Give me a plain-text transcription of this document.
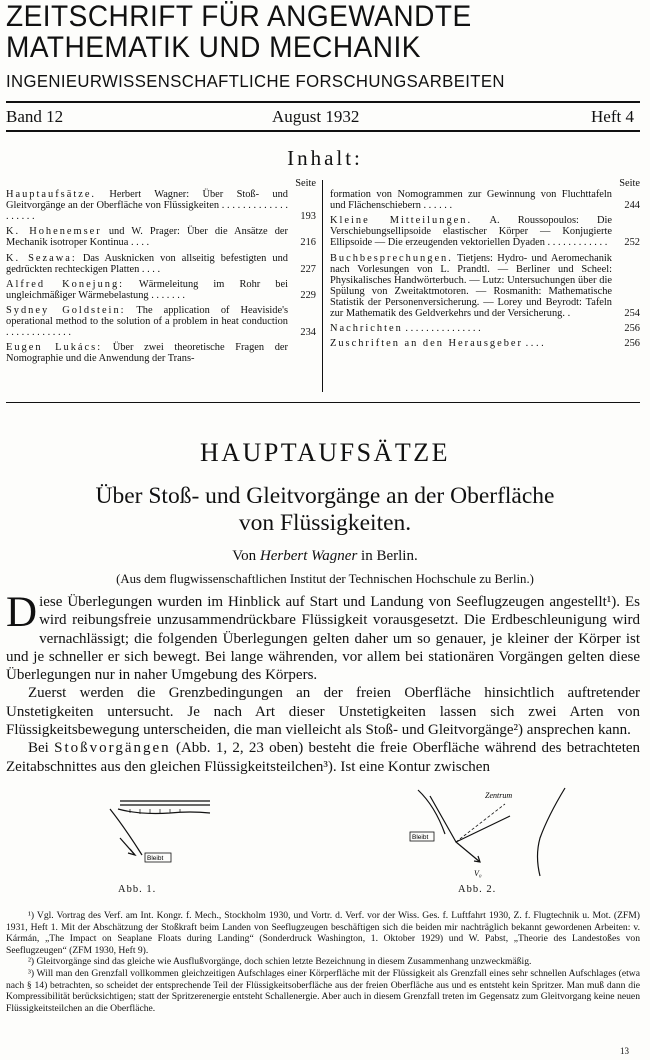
ZEITSCHRIFT FÜR ANGEWANDTE
MATHEMATIK UND MECHANIK
INGENIEURWISSENSCHAFTLICHE FORSCHUNGSARBEITEN
Band 12	August 1932	Heft 4
Inhalt:
Seite
Hauptaufsätze. Herbert Wagner: Über Stoß- und Gleitvorgänge an der Oberfläche von Flüssigkeiten . . . . . . . . . . . . . . . . . . .	193
K. Hohenemser und W. Prager: Über die Ansätze der Mechanik isotroper Kontinua . . . .	216
K. Sezawa: Das Ausknicken von allseitig befestigten und gedrückten rechteckigen Platten . . . .	227
Alfred Konejung: Wärmeleitung im Rohr bei ungleichmäßiger Wärmebelastung . . . . . . .	229
Sydney Goldstein: The application of Heaviside's operational method to the solution of a problem in heat conduction . . . . . . . . . . . . .	234
Eugen Lukács: Über zwei theoretische Fragen der Nomographie und die Anwendung der Trans-
Seite
formation von Nomogrammen zur Gewinnung von Fluchttafeln und Flächenschiebern . . . . . .	244
Kleine Mitteilungen. A. Roussopoulos: Die Verschiebungsellipsoide elastischer Körper — Konjugierte Ellipsoide — Die erzeugenden vektoriellen Dyaden . . . . . . . . . . . .	252
Buchbesprechungen. Tietjens: Hydro- und Aeromechanik nach Vorlesungen von L. Prandtl. — Berliner und Scheel: Physikalisches Handwörterbuch. — Lutz: Untersuchungen über die Spülung von Zweitaktmotoren. — Rosmanith: Mathematische Statistik der Personenversicherung. — Lorey und Beyrodt: Tafeln zur Mathematik des Geldverkehrs und der Versicherung. .	254
Nachrichten . . . . . . . . . . . . . . .	256
Zuschriften an den Herausgeber . . . .	256
HAUPTAUFSÄTZE
Über Stoß- und Gleitvorgänge an der Oberfläche
von Flüssigkeiten.
Von Herbert Wagner in Berlin.
(Aus dem flugwissenschaftlichen Institut der Technischen Hochschule zu Berlin.)

Diese Überlegungen wurden im Hinblick auf Start und Landung von Seeflugzeugen angestellt¹). Es wird reibungsfreie unzusammendrückbare Flüssigkeit vorausgesetzt. Die Erdbeschleunigung wird vernachlässigt; die folgenden Überlegungen gelten daher um so genauer, je kleiner der Körper ist und je schneller er sich bewegt. Bei lange währenden, vor allem bei stationären Vorgängen gelten diese Überlegungen nur in naher Umgebung des Körpers.

Zuerst werden die Grenzbedingungen an der freien Oberfläche hinsichtlich auftretender Unstetigkeiten untersucht. Je nach Art dieser Unstetigkeiten lassen sich zwei Arten von Flüssigkeitsbewegung unterscheiden, die man vielleicht als Stoß- und Gleitvorgänge²) ansprechen kann.

Bei Stoßvorgängen (Abb. 1, 2, 23 oben) besteht die freie Oberfläche während des betrachteten Zeitabschnittes aus den gleichen Flüssigkeitsteilchen³). Ist eine Kontur zwischen

Bleibt
Abb. 1.
Zentrum
Bleibt
V₀
Abb. 2.

¹) Vgl. Vortrag des Verf. am Int. Kongr. f. Mech., Stockholm 1930, und Vortr. d. Verf. vor der Wiss. Ges. f. Luftfahrt 1930, Z. f. Flugtechnik u. Mot. (ZFM) 1931, Heft 1. Mit der Abschätzung der Stoßkraft beim Landen von Seeflugzeugen beschäftigen sich die beiden mir nachträglich bekannt gewordenen Arbeiten: v. Kármán, „The Impact on Seaplane Floats during Landing“ (Sonderdruck Washington, 1. Oktober 1929) und W. Pabst, „Theorie des Landestoßes von Seeflugzeugen“ (ZFM 1930, Heft 9).

²) Gleitvorgänge sind das gleiche wie Ausflußvorgänge, doch schien letzte Bezeichnung in diesem Zusammenhang unzweckmäßig.

³) Will man den Grenzfall vollkommen gleichzeitigen Aufschlages einer Körperfläche mit der Flüssigkeit als Grenzfall eines sehr schnellen Aufschlages (etwa nach § 14) betrachten, so scheidet der entsprechende Teil der Flüssigkeitsoberfläche aus der freien Oberfläche aus und es entsteht kein Spritzer. Man muß dann die Kompressibilität berücksichtigen; statt der Spritzerenergie entsteht Schallenergie. Aber auch in diesem Grenzfall treten im Gegensatz zum Gleitvorgang keine neuen Flüssigkeitsteilchen an die Oberfläche.

13
